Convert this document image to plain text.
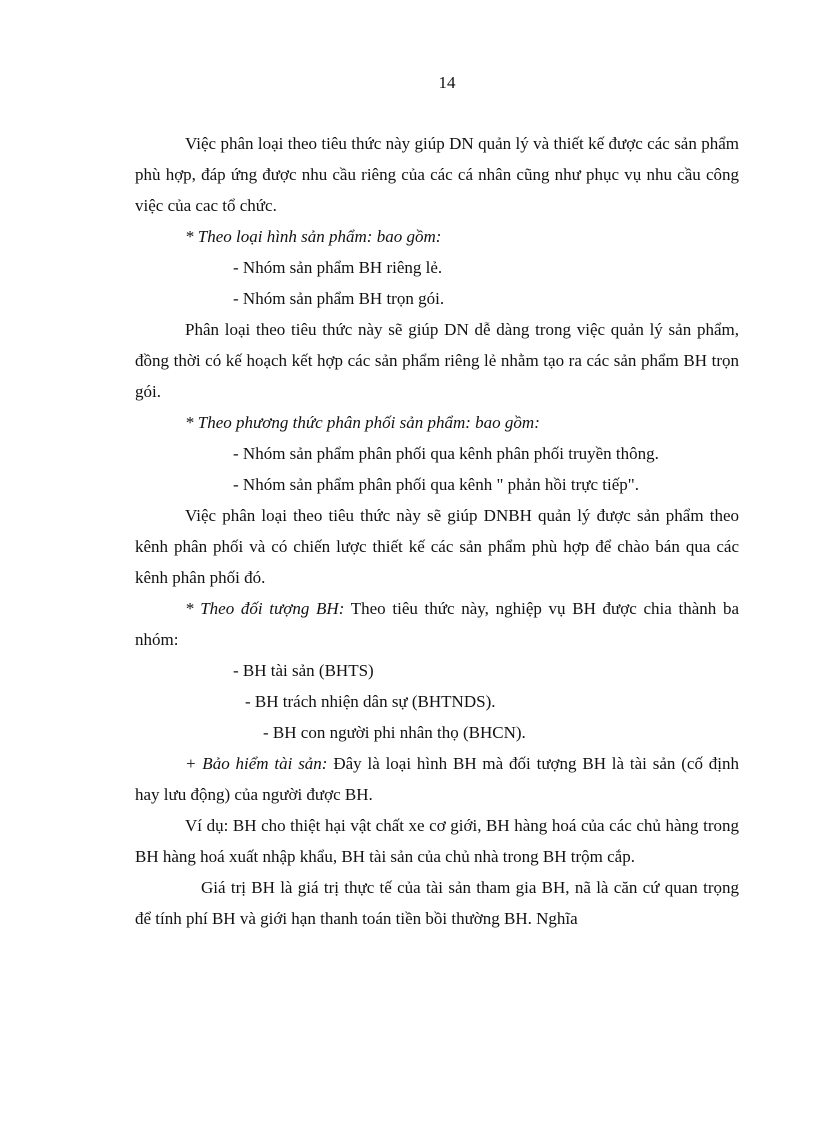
14

Việc phân loại theo tiêu thức này giúp DN quản lý và thiết kế được các sản phẩm phù hợp, đáp ứng được nhu cầu riêng của các cá nhân cũng như phục vụ nhu cầu công việc của cac tổ chức.

* Theo loại hình sản phẩm: bao gồm:

- Nhóm sản phẩm BH riêng lẻ.

- Nhóm sản phẩm BH trọn gói.

Phân loại theo tiêu thức này sẽ giúp DN dễ dàng trong việc quản lý sản phẩm, đồng thời có kế hoạch kết hợp các sản phẩm riêng lẻ nhằm tạo ra các sản phẩm BH trọn gói.

* Theo phương thức phân phối sản phẩm: bao gồm:

- Nhóm sản phẩm phân phối qua kênh phân phối truyền thông.

- Nhóm sản phẩm phân phối qua kênh " phản hồi trực tiếp".

Việc phân loại theo tiêu thức này sẽ giúp DNBH quản lý được sản phẩm theo kênh phân phối và có chiến lược thiết kế các sản phẩm phù hợp để chào bán qua các kênh phân phối đó.

* Theo đối tượng BH: Theo tiêu thức này, nghiệp vụ BH được chia thành ba nhóm:

- BH tài sản (BHTS)

- BH trách nhiện dân sự (BHTNDS).

- BH con người phi nhân thọ (BHCN).

+ Bảo hiểm tài sản: Đây là loại hình BH mà đối tượng BH là tài sản (cố định hay lưu động) của người được BH.

Ví dụ: BH cho thiệt hại vật chất xe cơ giới, BH hàng hoá của các chủ hàng trong BH hàng hoá xuất nhập khẩu, BH tài sản của chủ nhà trong BH trộm cắp.

Giá trị BH là giá trị thực tế của tài sản tham gia BH, nã là căn cứ quan trọng để tính phí BH và giới hạn thanh toán tiền bồi thường BH. Nghĩa
